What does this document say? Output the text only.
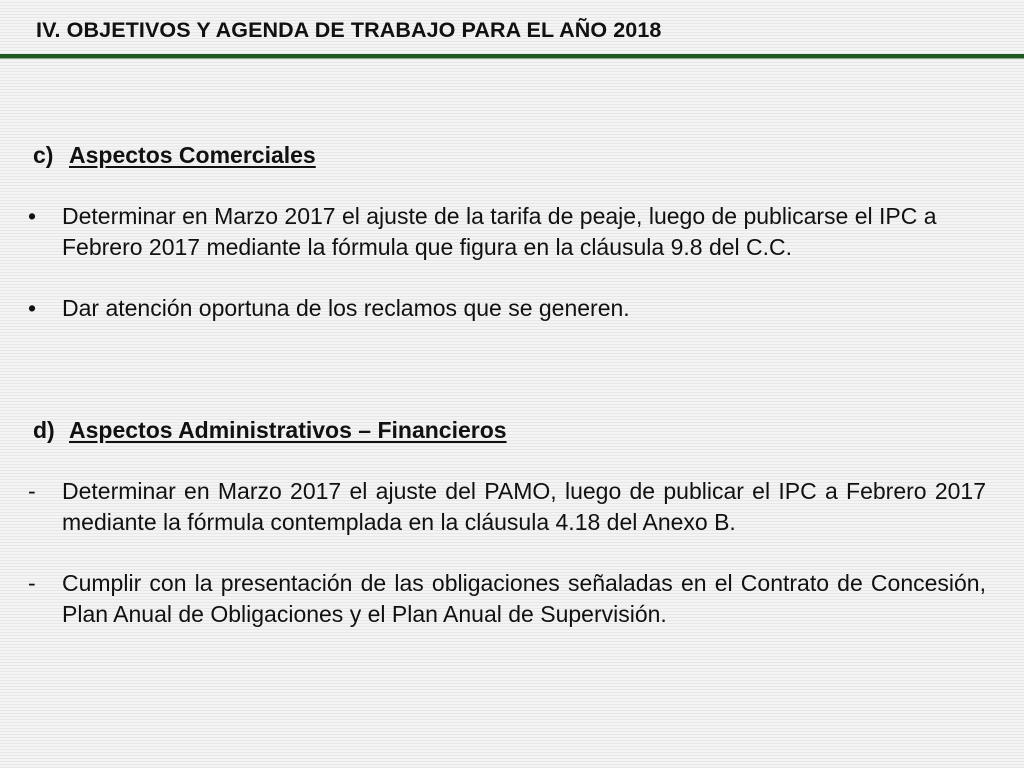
IV. OBJETIVOS Y AGENDA DE TRABAJO PARA EL AÑO 2018
c) Aspectos Comerciales
•	Determinar en Marzo 2017 el ajuste de la tarifa de peaje, luego de publicarse el IPC a Febrero 2017 mediante la fórmula que figura en la cláusula 9.8 del C.C.
•	Dar atención oportuna de los reclamos que se generen.
d) Aspectos Administrativos – Financieros
-	Determinar en Marzo 2017 el ajuste del PAMO, luego de publicar el IPC a Febrero 2017 mediante la fórmula contemplada en la cláusula 4.18 del Anexo B.
-	Cumplir con la presentación de las obligaciones señaladas en el Contrato de Concesión, Plan Anual de Obligaciones y el Plan Anual de Supervisión.
